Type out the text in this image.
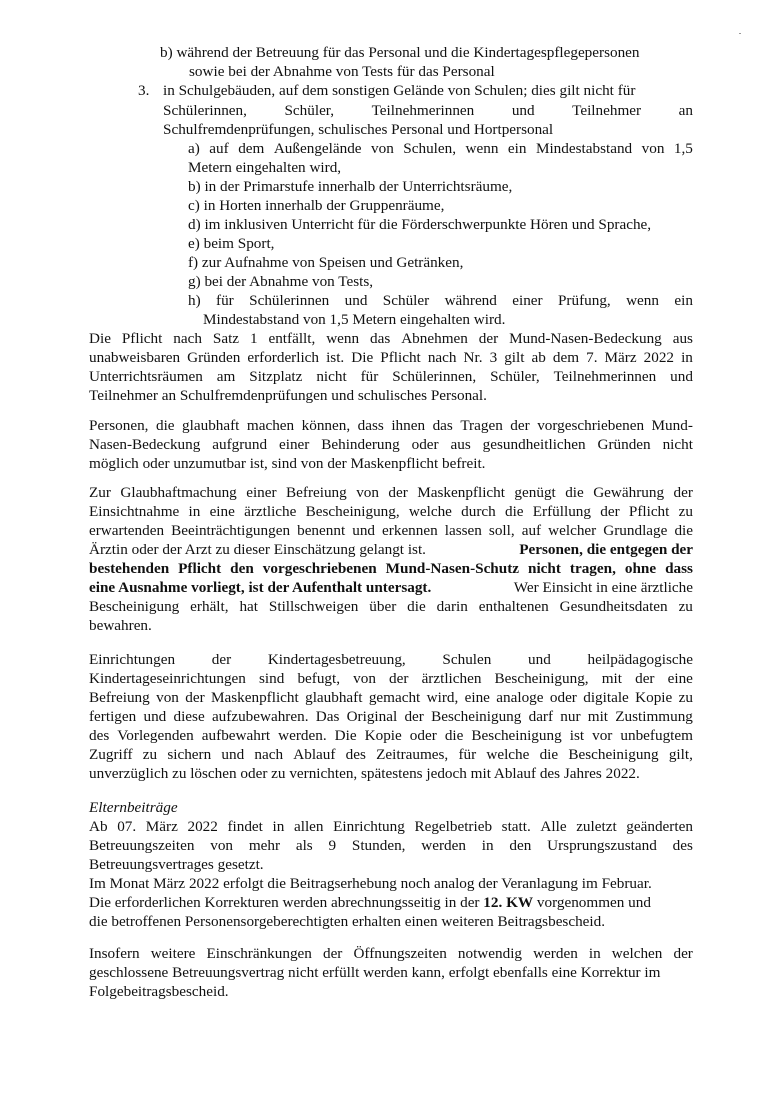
b) während der Betreuung für das Personal und die Kindertagespflegepersonen
sowie bei der Abnahme von Tests für das Personal
3. in Schulgebäuden, auf dem sonstigen Gelände von Schulen; dies gilt nicht für
Schülerinnen, Schüler, Teilnehmerinnen und Teilnehmer an
Schulfremdenprüfungen, schulisches Personal und Hortpersonal
a) auf dem Außengelände von Schulen, wenn ein Mindestabstand von 1,5
Metern eingehalten wird,
b) in der Primarstufe innerhalb der Unterrichtsräume,
c) in Horten innerhalb der Gruppenräume,
d) im inklusiven Unterricht für die Förderschwerpunkte Hören und Sprache,
e) beim Sport,
f) zur Aufnahme von Speisen und Getränken,
g) bei der Abnahme von Tests,
h) für Schülerinnen und Schüler während einer Prüfung, wenn ein
Mindestabstand von 1,5 Metern eingehalten wird.
Die Pflicht nach Satz 1 entfällt, wenn das Abnehmen der Mund-Nasen-Bedeckung aus
unabweisbaren Gründen erforderlich ist. Die Pflicht nach Nr. 3 gilt ab dem 7. März 2022 in
Unterrichtsräumen am Sitzplatz nicht für Schülerinnen, Schüler, Teilnehmerinnen und
Teilnehmer an Schulfremdenprüfungen und schulisches Personal.
Personen, die glaubhaft machen können, dass ihnen das Tragen der vorgeschriebenen Mund-
Nasen-Bedeckung aufgrund einer Behinderung oder aus gesundheitlichen Gründen nicht
möglich oder unzumutbar ist, sind von der Maskenpflicht befreit.
Zur Glaubhaftmachung einer Befreiung von der Maskenpflicht genügt die Gewährung der
Einsichtnahme in eine ärztliche Bescheinigung, welche durch die Erfüllung der Pflicht zu
erwartenden Beeinträchtigungen benennt und erkennen lassen soll, auf welcher Grundlage die
Ärztin oder der Arzt zu dieser Einschätzung gelangt ist.	Personen, die entgegen der
bestehenden Pflicht den vorgeschriebenen Mund-Nasen-Schutz nicht tragen, ohne dass
eine Ausnahme vorliegt, ist der Aufenthalt untersagt.	Wer Einsicht in eine ärztliche
Bescheinigung erhält, hat Stillschweigen über die darin enthaltenen Gesundheitsdaten zu
bewahren.
Einrichtungen der Kindertagesbetreuung, Schulen und heilpädagogische
Kindertageseinrichtungen sind befugt, von der ärztlichen Bescheinigung, mit der eine
Befreiung von der Maskenpflicht glaubhaft gemacht wird, eine analoge oder digitale Kopie zu
fertigen und diese aufzubewahren. Das Original der Bescheinigung darf nur mit Zustimmung
des Vorlegenden aufbewahrt werden. Die Kopie oder die Bescheinigung ist vor unbefugtem
Zugriff zu sichern und nach Ablauf des Zeitraumes, für welche die Bescheinigung gilt,
unverzüglich zu löschen oder zu vernichten, spätestens jedoch mit Ablauf des Jahres 2022.
Elternbeiträge
Ab 07. März 2022 findet in allen Einrichtung Regelbetrieb statt. Alle zuletzt geänderten
Betreuungszeiten von mehr als 9 Stunden, werden in den Ursprungszustand des
Betreuungsvertrages gesetzt.
Im Monat März 2022 erfolgt die Beitragserhebung noch analog der Veranlagung im Februar.
Die erforderlichen Korrekturen werden abrechnungsseitig in der 12. KW vorgenommen und
die betroffenen Personensorgeberechtigten erhalten einen weiteren Beitragsbescheid.
Insofern weitere Einschränkungen der Öffnungszeiten notwendig werden in welchen der
geschlossene Betreuungsvertrag nicht erfüllt werden kann, erfolgt ebenfalls eine Korrektur im
Folgebeitragsbescheid.
